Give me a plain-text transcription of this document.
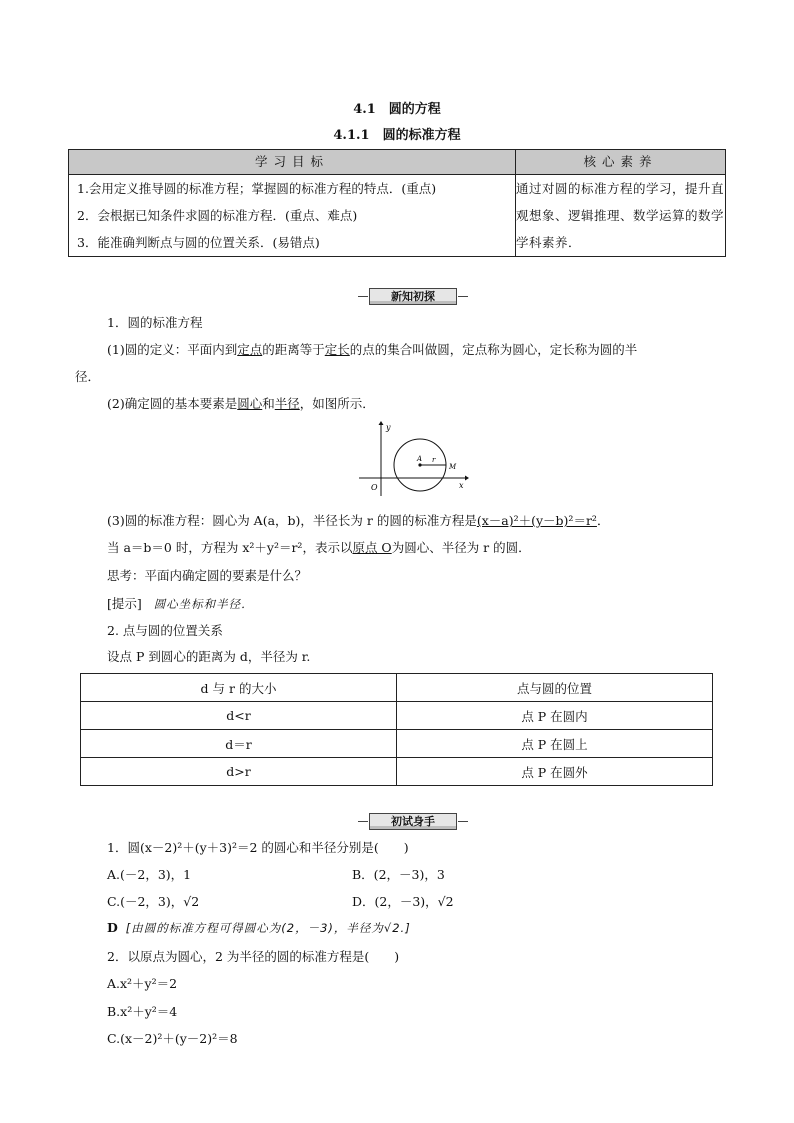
4.1　圆的方程
4.1.1　圆的标准方程
学习目标	核心素养

1.会用定义推导圆的标准方程；掌握圆的标准方程的特点．(重点)
2．会根据已知条件求圆的标准方程．(重点、难点)
3．能准确判断点与圆的位置关系．(易错点)	通过对圆的标准方程的学习，提升直观想象、逻辑推理、数学运算的数学学科素养．
新知初探
1．圆的标准方程
(1)圆的定义：平面内到定点的距离等于定长的点的集合叫做圆，定点称为圆心，定长称为圆的半
径．
(2)确定圆的基本要素是圆心和半径，如图所示．
y
x
O
A r
M
(3)圆的标准方程：圆心为 A(a，b)，半径长为 r 的圆的标准方程是(x－a)²＋(y－b)²＝r²．
当 a＝b＝0 时，方程为 x²＋y²＝r²，表示以原点 O为圆心、半径为 r 的圆．
思考：平面内确定圆的要素是什么？
[提示] 圆心坐标和半径．
2. 点与圆的位置关系
设点 P 到圆心的距离为 d，半径为 r.
d 与 r 的大小	点与圆的位置
d<r	点 P 在圆内
d＝r	点 P 在圆上
d>r	点 P 在圆外
初试身手
1．圆(x－2)²＋(y＋3)²＝2 的圆心和半径分别是(　　)
A.(－2，3)，1	B．(2，－3)，3
C.(－2，3)，√2	D．(2，－3)，√2
D [由圆的标准方程可得圆心为(2，－3)，半径为√2.]
2．以原点为圆心，2 为半径的圆的标准方程是(　　)
A.x²＋y²＝2
B.x²＋y²＝4
C.(x－2)²＋(y－2)²＝8
